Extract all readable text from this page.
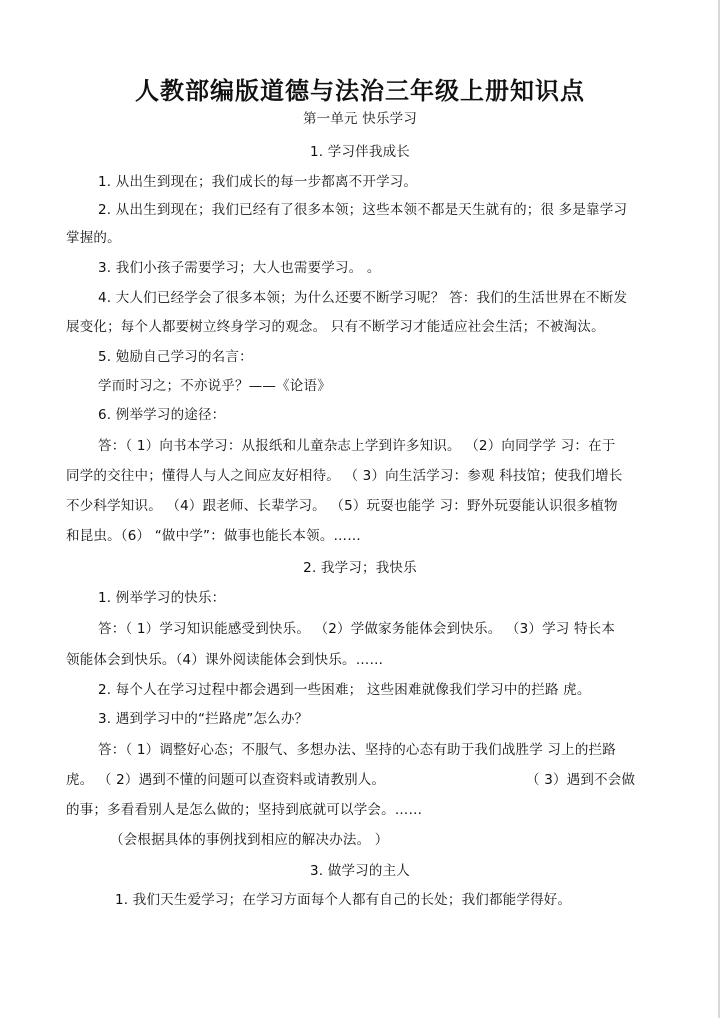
人教部编版道德与法治三年级上册知识点
第一单元 快乐学习
1. 学习伴我成长
1. 从出生到现在；我们成长的每一步都离不开学习。
2. 从出生到现在；我们已经有了很多本领；这些本领不都是天生就有的；很 多是靠学习
掌握的。
3. 我们小孩子需要学习；大人也需要学习。 。
4. 大人们已经学会了很多本领；为什么还要不断学习呢？ 答：我们的生活世界在不断发
展变化；每个人都要树立终身学习的观念。 只有不断学习才能适应社会生活；不被淘汰。
5. 勉励自己学习的名言：
学而时习之；不亦说乎？——《论语》
6. 例举学习的途径：
答：（ 1）向书本学习：从报纸和儿童杂志上学到许多知识。 （2）向同学学 习：在于
同学的交往中；懂得人与人之间应友好相待。 （ 3）向生活学习：参观 科技馆；使我们增长
不少科学知识。 （4）跟老师、长辈学习。 （5）玩耍也能学 习：野外玩耍能认识很多植物
和昆虫。（6） “做中学”：做事也能长本领。……
2. 我学习；我快乐
1. 例举学习的快乐：
答：（ 1）学习知识能感受到快乐。 （2）学做家务能体会到快乐。 （3）学习 特长本
领能体会到快乐。（4）课外阅读能体会到快乐。……
2. 每个人在学习过程中都会遇到一些困难； 这些困难就像我们学习中的拦路 虎。
3. 遇到学习中的“拦路虎”怎么办？
答：（ 1）调整好心态；不服气、多想办法、坚持的心态有助于我们战胜学 习上的拦路
虎。 （ 2）遇到不懂的问题可以查资料或请教别人。	（ 3）遇到不会做
的事；多看看别人是怎么做的；坚持到底就可以学会。……
（会根据具体的事例找到相应的解决办法。 ）
3. 做学习的主人
1. 我们天生爱学习；在学习方面每个人都有自己的长处；我们都能学得好。
